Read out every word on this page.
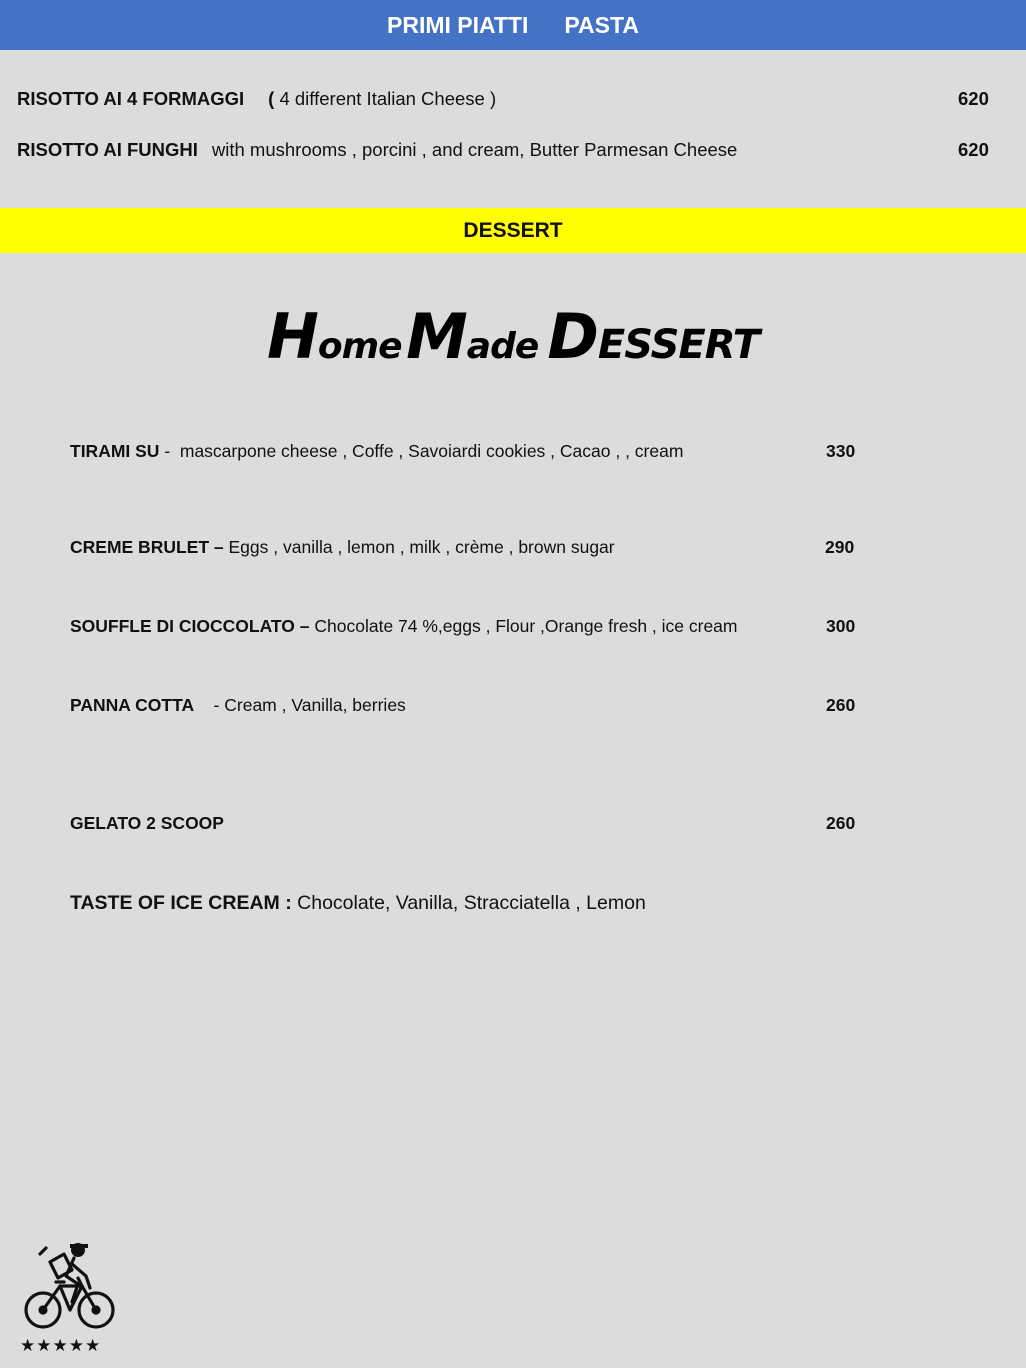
PRIMI PIATTI PASTA
RISOTTO AI 4 FORMAGGI ( 4 different Italian Cheese )	620
RISOTTO AI FUNGHI with mushrooms , porcini , and cream, Butter Parmesan Cheese	620
DESSERT
Home Made DESSERT
TIRAMI SU -  mascarpone cheese , Coffe , Savoiardi cookies , Cacao , , cream	330
CREME BRULET – Eggs , vanilla , lemon , milk , crème , brown sugar	290
SOUFFLE DI CIOCCOLATO – Chocolate 74 %,eggs , Flour ,Orange fresh , ice cream	300
PANNA COTTA    - Cream , Vanilla, berries	260
GELATO 2 SCOOP	260
TASTE OF ICE CREAM : Chocolate, Vanilla, Stracciatella , Lemon
★★★★★
